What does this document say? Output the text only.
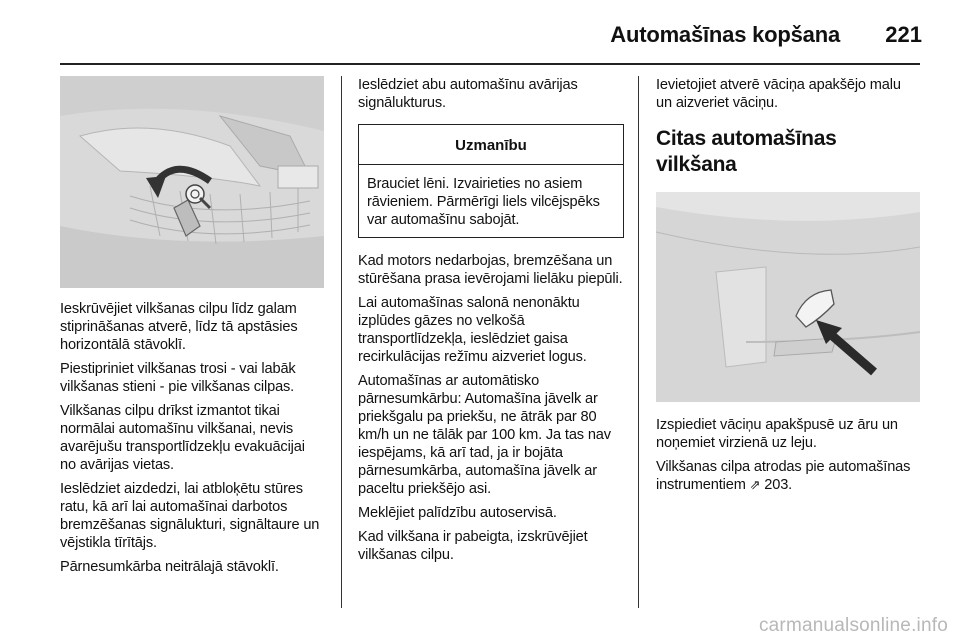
Automašīnas kopšana	221

Ieskrūvējiet vilkšanas cilpu līdz galam stiprināšanas atverē, līdz tā apstāsies horizontālā stāvoklī.

Piestipriniet vilkšanas trosi - vai labāk vilkšanas stieni - pie vilkšanas cilpas.

Vilkšanas cilpu drīkst izmantot tikai normālai automašīnu vilkšanai, nevis avarējušu transportlīdzekļu evakuācijai no avārijas vietas.

Ieslēdziet aizdedzi, lai atbloķētu stūres ratu, kā arī lai automašīnai darbotos bremzēšanas signālukturi, signāltaure un vējstikla tīrītājs.

Pārnesumkārba neitrālajā stāvoklī.

Ieslēdziet abu automašīnu avārijas signālukturus.

Uzmanību
Brauciet lēni. Izvairieties no asiem rāvieniem. Pārmērīgi liels vilcējspēks var automašīnu sabojāt.

Kad motors nedarbojas, bremzēšana un stūrēšana prasa ievērojami lielāku piepūli.

Lai automašīnas salonā nenonāktu izplūdes gāzes no velkošā transportlīdzekļa, ieslēdziet gaisa recirkulācijas režīmu aizveriet logus.

Automašīnas ar automātisko pārnesumkārbu: Automašīna jāvelk ar priekšgalu pa priekšu, ne ātrāk par 80 km/h un ne tālāk par 100 km. Ja tas nav iespējams, kā arī tad, ja ir bojāta pārnesumkārba, automašīna jāvelk ar paceltu priekšējo asi.

Meklējiet palīdzību autoservisā.

Kad vilkšana ir pabeigta, izskrūvējiet vilkšanas cilpu.

Ievietojiet atverē vāciņa apakšējo malu un aizveriet vāciņu.

Citas automašīnas vilkšana

Izspiediet vāciņu apakšpusē uz āru un noņemiet virzienā uz leju.

Vilkšanas cilpa atrodas pie automašīnas instrumentiem ⇗ 203.

carmanualsonline.info
